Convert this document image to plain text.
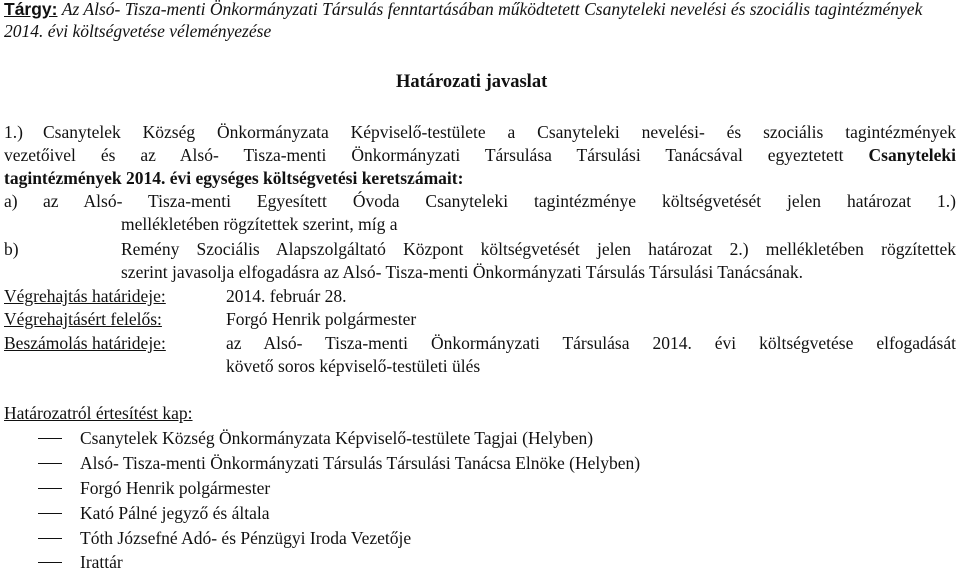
Tárgy: Az Alsó- Tisza-menti Önkormányzati Társulás fenntartásában működtetett Csanyteleki nevelési és szociális tagintézmények
2014. évi költségvetése véleményezése
Határozati javaslat
1.) Csanytelek Község Önkormányzata Képviselő-testülete a Csanyteleki nevelési- és szociális tagintézmények
vezetőivel és az Alsó- Tisza-menti Önkormányzati Társulása Társulási Tanácsával egyeztetett Csanyteleki
tagintézmények 2014. évi egységes költségvetési keretszámait:
a) az Alsó- Tisza-menti Egyesített Óvoda Csanyteleki tagintézménye költségvetését jelen határozat 1.)
mellékletében rögzítettek szerint, míg a
b)	Remény Szociális Alapszolgáltató Központ költségvetését jelen határozat 2.) mellékletében rögzítettek
szerint javasolja elfogadásra az Alsó- Tisza-menti Önkormányzati Társulás Társulási Tanácsának.
Végrehajtás határideje:	2014. február 28.
Végrehajtásért felelős:	Forgó Henrik polgármester
Beszámolás határideje:	az Alsó- Tisza-menti Önkormányzati Társulása 2014. évi költségvetése elfogadását
követő soros képviselő-testületi ülés
Határozatról értesítést kap:
Csanytelek Község Önkormányzata Képviselő-testülete Tagjai (Helyben)
Alsó- Tisza-menti Önkormányzati Társulás Társulási Tanácsa Elnöke (Helyben)
Forgó Henrik polgármester
Kató Pálné jegyző és általa
Tóth Józsefné Adó- és Pénzügyi Iroda Vezetője
Irattár
